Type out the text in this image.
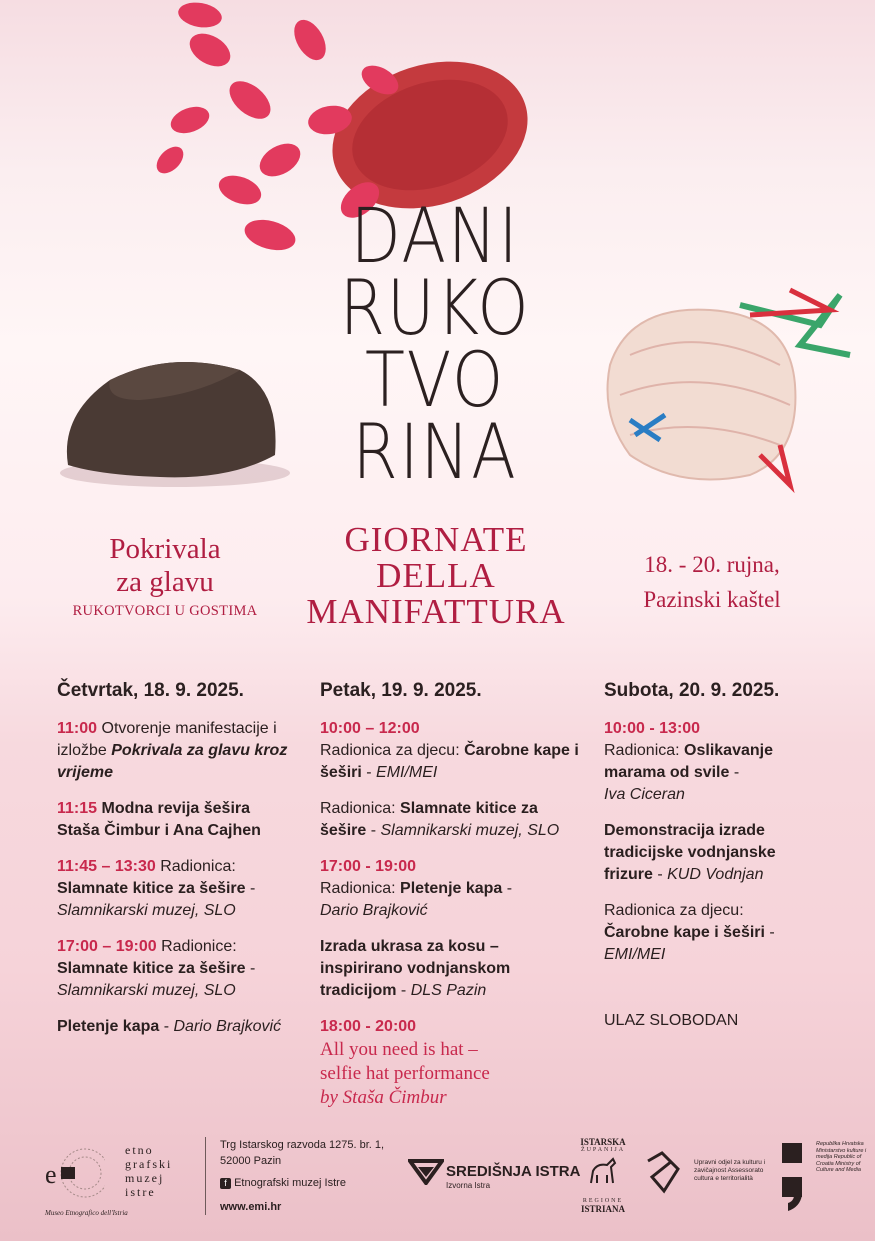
DANI
RUKO
TVO
RINA
GIORNATE
DELLA
MANIFATTURA
Pokrivala
za glavu
RUKOTVORCI U GOSTIMA
18. - 20. rujna,
Pazinski kaštel
Četvrtak, 18. 9. 2025.
11:00 Otvorenje manifestacije i izložbe Pokrivala za glavu kroz vrijeme
11:15 Modna revija šešira Staša Čimbur i Ana Cajhen
11:45 – 13:30 Radionica:
Slamnate kitice za šešire -
Slamnikarski muzej, SLO
17:00 – 19:00 Radionice:
Slamnate kitice za šešire -
Slamnikarski muzej, SLO
Pletenje kapa - Dario Brajković
Petak, 19. 9. 2025.
10:00 – 12:00
Radionica za djecu: Čarobne kape i šeširi - EMI/MEI
Radionica: Slamnate kitice za šešire - Slamnikarski muzej, SLO
17:00 - 19:00
Radionica: Pletenje kapa -
Dario Brajković
Izrada ukrasa za kosu – inspirirano vodnjanskom tradicijom - DLS Pazin
18:00 - 20:00

All you need is hat –
selfie hat performance
by Staša Čimbur
Subota, 20. 9. 2025.
10:00 - 13:00
Radionica: Oslikavanje marama od svile -
Iva Ciceran
Demonstracija izrade tradicijske vodnjanske frizure - KUD Vodnjan
Radionica za djecu:
Čarobne kape i šeširi -
EMI/MEI
ULAZ SLOBODAN
e
etno
grafski
muzej
istre
Museo Etnografico dell'Istria
Trg Istarskog razvoda 1275. br. 1,
52000 Pazin
f Etnografski muzej Istre
www.emi.hr
SREDIŠNJA ISTRA
Izvorna Istra
ISTARSKA
ŽUPANIJA
REGIONE
ISTRIANA
Upravni odjel za kulturu i zavičajnost Assessorato cultura e territorialità
Republika Hrvatska Ministarstvo kulture i medija Republic of Croatia Ministry of Culture and Media
